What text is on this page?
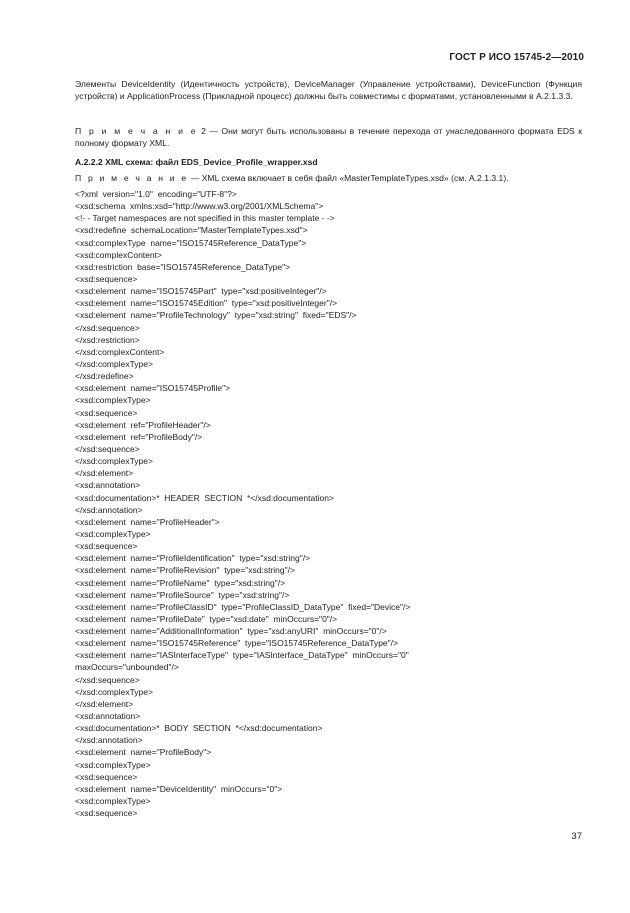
ГОСТ Р ИСО 15745-2—2010
Элементы DeviceIdentity (Идентичность устройств), DeviceManager (Управление устройствами), DeviceFunction (Функция устройств) и ApplicationProcess (Прикладной процесс) должны быть совместимы с форматами, установленными в А.2.1.3.3.
П р и м е ч а н и е 2 — Они могут быть использованы в течение перехода от унаследованного формата EDS к полному формату XML.
A.2.2.2 XML схема: файл EDS_Device_Profile_wrapper.xsd
П р и м е ч а н и е — XML схема включает в себя файл «MasterTemplateTypes.xsd» (см. А.2.1.3.1).
<?xml  version="1.0"  encoding="UTF-8"?>
<xsd:schema  xmlns:xsd="http://www.w3.org/2001/XMLSchema">
<!- - Target namespaces are not specified in this master template - ->
<xsd:redefine  schemaLocation="MasterTemplateTypes.xsd">
<xsd:complexType  name="ISO15745Reference_DataType">
<xsd:complexContent>
<xsd:restriction  base="ISO15745Reference_DataType">
<xsd:sequence>
<xsd:element  name="ISO15745Part"  type="xsd:positiveInteger"/>
<xsd:element  name="ISO15745Edition"  type="xsd:positiveInteger"/>
<xsd:element  name="ProfileTechnology"  type="xsd:string"  fixed="EDS"/>
</xsd:sequence>
</xsd:restriction>
</xsd:complexContent>
</xsd:complexType>
</xsd:redefine>
<xsd:element  name="ISO15745Profile">
<xsd:complexType>
<xsd:sequence>
<xsd:element  ref="ProfileHeader"/>
<xsd:element  ref="ProfileBody"/>
</xsd:sequence>
</xsd:complexType>
</xsd:element>
<xsd:annotation>
<xsd:documentation>*  HEADER  SECTION  *</xsd:documentation>
</xsd:annotation>
<xsd:element  name="ProfileHeader">
<xsd:complexType>
<xsd:sequence>
<xsd:element  name="ProfileIdentification"  type="xsd:string"/>
<xsd:element  name="ProfileRevision"  type="xsd:string"/>
<xsd:element  name="ProfileName"  type="xsd:string"/>
<xsd:element  name="ProfileSource"  type="xsd:string"/>
<xsd:element  name="ProfileClassID"  type="ProfileClassID_DataType"  fixed="Device"/>
<xsd:element  name="ProfileDate"  type="xsd:date"  minOccurs="0"/>
<xsd:element  name="AdditionalInformation"  type="xsd:anyURI"  minOccurs="0"/>
<xsd:element  name="ISO15745Reference"  type="ISO15745Reference_DataType"/>
<xsd:element  name="IASInterfaceType"  type="IASInterface_DataType"  minOccurs="0"
maxOccurs="unbounded"/>
</xsd:sequence>
</xsd:complexType>
</xsd:element>
<xsd:annotation>
<xsd:documentation>*  BODY  SECTION  *</xsd:documentation>
</xsd:annotation>
<xsd:element  name="ProfileBody">
<xsd:complexType>
<xsd:sequence>
<xsd:element  name="DeviceIdentity"  minOccurs="0">
<xsd:complexType>
<xsd:sequence>
37
